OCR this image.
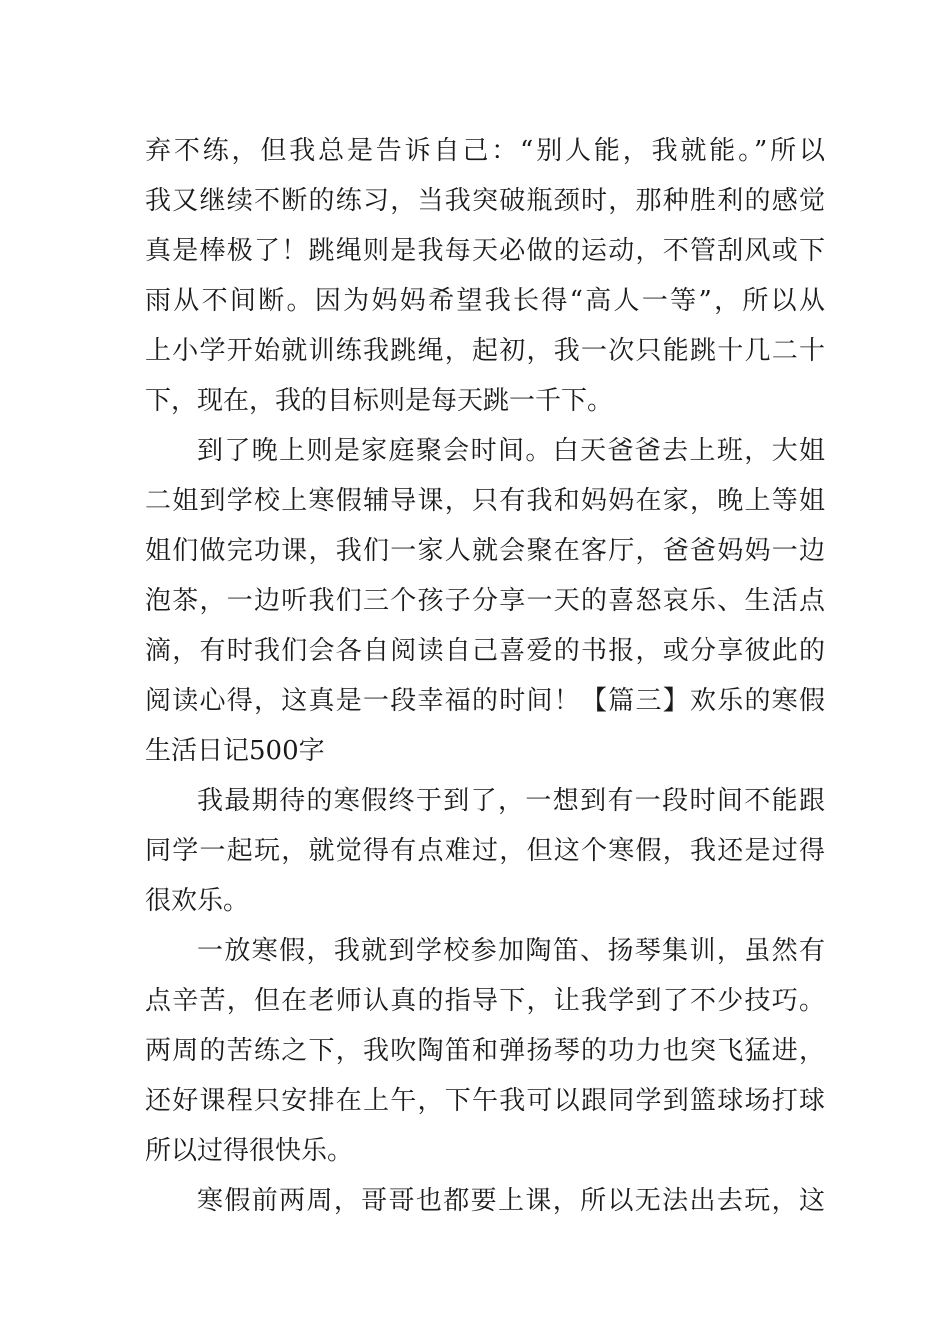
弃不练，但我总是告诉自己：“别人能，我就能。”所以
我又继续不断的练习，当我突破瓶颈时，那种胜利的感觉
真是棒极了！跳绳则是我每天必做的运动，不管刮风或下
雨从不间断。因为妈妈希望我长得“高人一等”，所以从
上小学开始就训练我跳绳，起初，我一次只能跳十几二十
下，现在，我的目标则是每天跳一千下。
到了晚上则是家庭聚会时间。白天爸爸去上班，大姐
二姐到学校上寒假辅导课，只有我和妈妈在家，晚上等姐
姐们做完功课，我们一家人就会聚在客厅，爸爸妈妈一边
泡茶，一边听我们三个孩子分享一天的喜怒哀乐、生活点
滴，有时我们会各自阅读自己喜爱的书报，或分享彼此的
阅读心得，这真是一段幸福的时间！【篇三】欢乐的寒假
生活日记500字
我最期待的寒假终于到了，一想到有一段时间不能跟
同学一起玩，就觉得有点难过，但这个寒假，我还是过得
很欢乐。
一放寒假，我就到学校参加陶笛、扬琴集训，虽然有
点辛苦，但在老师认真的指导下，让我学到了不少技巧。
两周的苦练之下，我吹陶笛和弹扬琴的功力也突飞猛进，
还好课程只安排在上午，下午我可以跟同学到篮球场打球
所以过得很快乐。
寒假前两周，哥哥也都要上课，所以无法出去玩，这
